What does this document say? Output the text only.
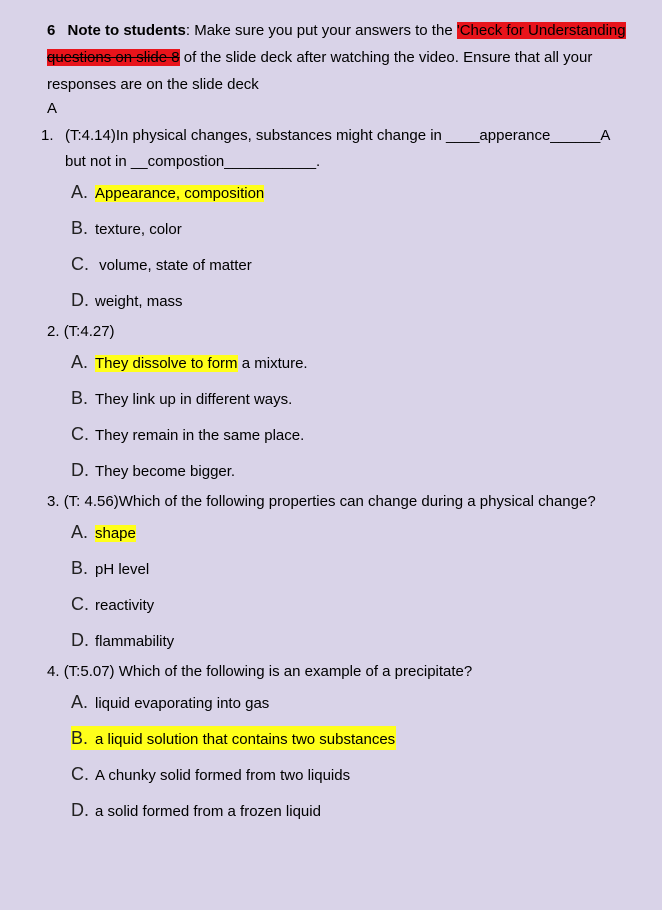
6 Note to students: Make sure you put your answers to the 'Check for Understanding questions on slide 8 of the slide deck after watching the video. Ensure that all your responses are on the slide deck
A
1. (T:4.14)In physical changes, substances might change in ____apperance______A but not in __compostion___________.
A. Appearance, composition
B. texture, color
C. volume, state of matter
D. weight, mass
2. (T:4.27)
A. They dissolve to form a mixture.
B. They link up in different ways.
C. They remain in the same place.
D. They become bigger.
3. (T: 4.56)Which of the following properties can change during a physical change?
A. shape
B. pH level
C. reactivity
D. flammability
4. (T:5.07) Which of the following is an example of a precipitate?
A. liquid evaporating into gas
B. a liquid solution that contains two substances
C. A chunky solid formed from two liquids
D. a solid formed from a frozen liquid
